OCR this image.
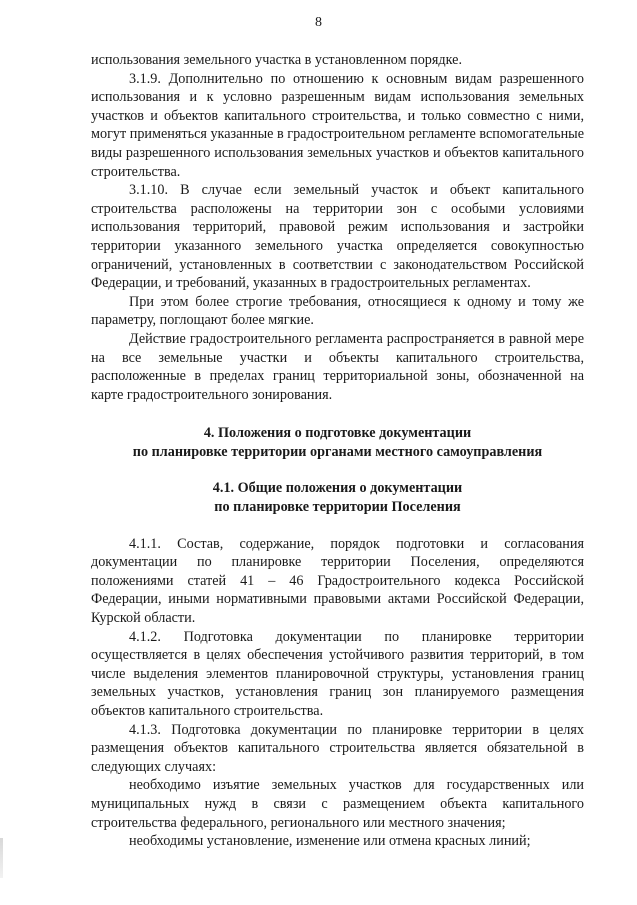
8

использования земельного участка в установленном порядке.

3.1.9. Дополнительно по отношению к основным видам разрешенного использования и к условно разрешенным видам использования земельных участков и объектов капитального строительства, и только совместно с ними, могут применяться указанные в градостроительном регламенте вспомогательные виды разрешенного использования земельных участков и объектов капитального строительства.

3.1.10. В случае если земельный участок и объект капитального строительства расположены на территории зон с особыми условиями использования территорий, правовой режим использования и застройки территории указанного земельного участка определяется совокупностью ограничений, установленных в соответствии с законодательством Российской Федерации, и требований, указанных в градостроительных регламентах.

При этом более строгие требования, относящиеся к одному и тому же параметру, поглощают более мягкие.

Действие градостроительного регламента распространяется в равной мере на все земельные участки и объекты капитального строительства, расположенные в пределах границ территориальной зоны, обозначенной на карте градостроительного зонирования.

4. Положения о подготовке документации
по планировке территории органами местного самоуправления
4.1. Общие положения о документации
по планировке территории Поселения

4.1.1. Состав, содержание, порядок подготовки и согласования документации по планировке территории Поселения, определяются положениями статей 41 – 46 Градостроительного кодекса Российской Федерации, иными нормативными правовыми актами Российской Федерации, Курской области.

4.1.2. Подготовка документации по планировке территории осуществляется в целях обеспечения устойчивого развития территорий, в том числе выделения элементов планировочной структуры, установления границ земельных участков, установления границ зон планируемого размещения объектов капитального строительства.

4.1.3. Подготовка документации по планировке территории в целях размещения объектов капитального строительства является обязательной в следующих случаях:

необходимо изъятие земельных участков для государственных или муниципальных нужд в связи с размещением объекта капитального строительства федерального, регионального или местного значения;

необходимы установление, изменение или отмена красных линий;
